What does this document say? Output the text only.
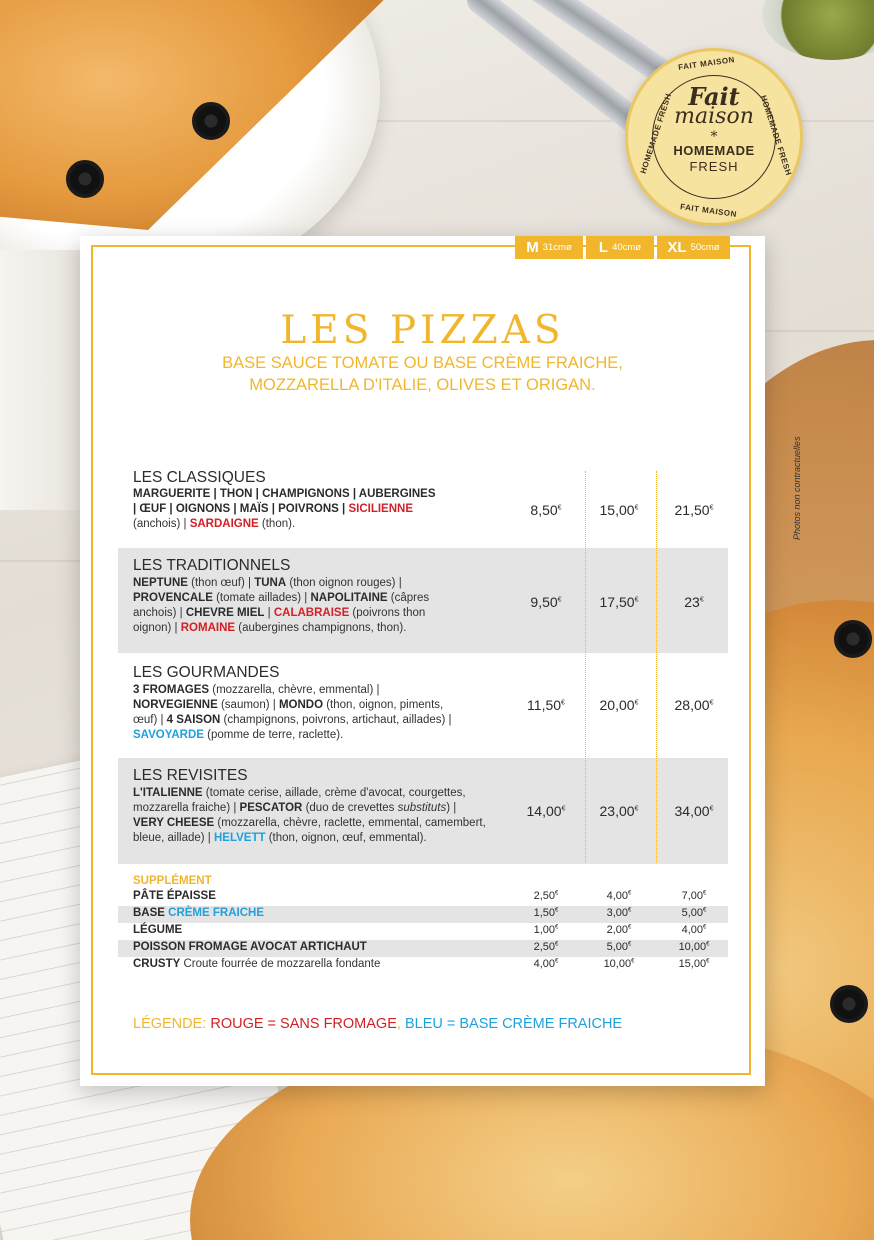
FAIT MAISON
HOMEMADE FRESH	HOMEMADE FRESH
FAIT MAISON
Fait
maison
*
HOMEMADE
FRESH
LES PIZZAS
BASE SAUCE TOMATE OU BASE CRÈME FRAICHE,
MOZZARELLA D'ITALIE, OLIVES ET ORIGAN.
M 31cmø L 40cmø XL 50cmø
LES CLASSIQUES
MARGUERITE | THON | CHAMPIGNONS | AUBERGINES
| ŒUF | OIGNONS | MAÏS | POIVRONS | SICILIENNE
(anchois) | SARDAIGNE (thon).
8,50€	15,00€	21,50€
LES TRADITIONNELS
NEPTUNE (thon œuf) | TUNA (thon oignon rouges) |
PROVENCALE (tomate aillades) | NAPOLITAINE (câpres
anchois) | CHEVRE MIEL | CALABRAISE (poivrons thon
oignon) | ROMAINE (aubergines champignons, thon).
9,50€	17,50€	23€
LES GOURMANDES
3 FROMAGES (mozzarella, chèvre, emmental) |
NORVEGIENNE (saumon) | MONDO (thon, oignon, piments,
œuf) | 4 SAISON (champignons, poivrons, artichaut, aillades) |
SAVOYARDE (pomme de terre, raclette).
11,50€	20,00€	28,00€
LES REVISITES
L'ITALIENNE (tomate cerise, aillade, crème d'avocat, courgettes,
mozzarella fraiche) | PESCATOR (duo de crevettes substituts) |
VERY CHEESE (mozzarella, chèvre, raclette, emmental, camembert,
bleue, aillade) | HELVETT (thon, oignon, œuf, emmental).
14,00€	23,00€	34,00€
SUPPLÉMENT
PÂTE ÉPAISSE	2,50€	4,00€	7,00€
BASE CRÈME FRAICHE	1,50€	3,00€	5,00€
LÉGUME	1,00€	2,00€	4,00€
POISSON FROMAGE AVOCAT ARTICHAUT	2,50€	5,00€	10,00€
CRUSTY Croute fourrée de mozzarella fondante	4,00€	10,00€	15,00€
LÉGENDE: ROUGE = SANS FROMAGE, BLEU = BASE CRÈME FRAICHE
Photos non contractuelles
